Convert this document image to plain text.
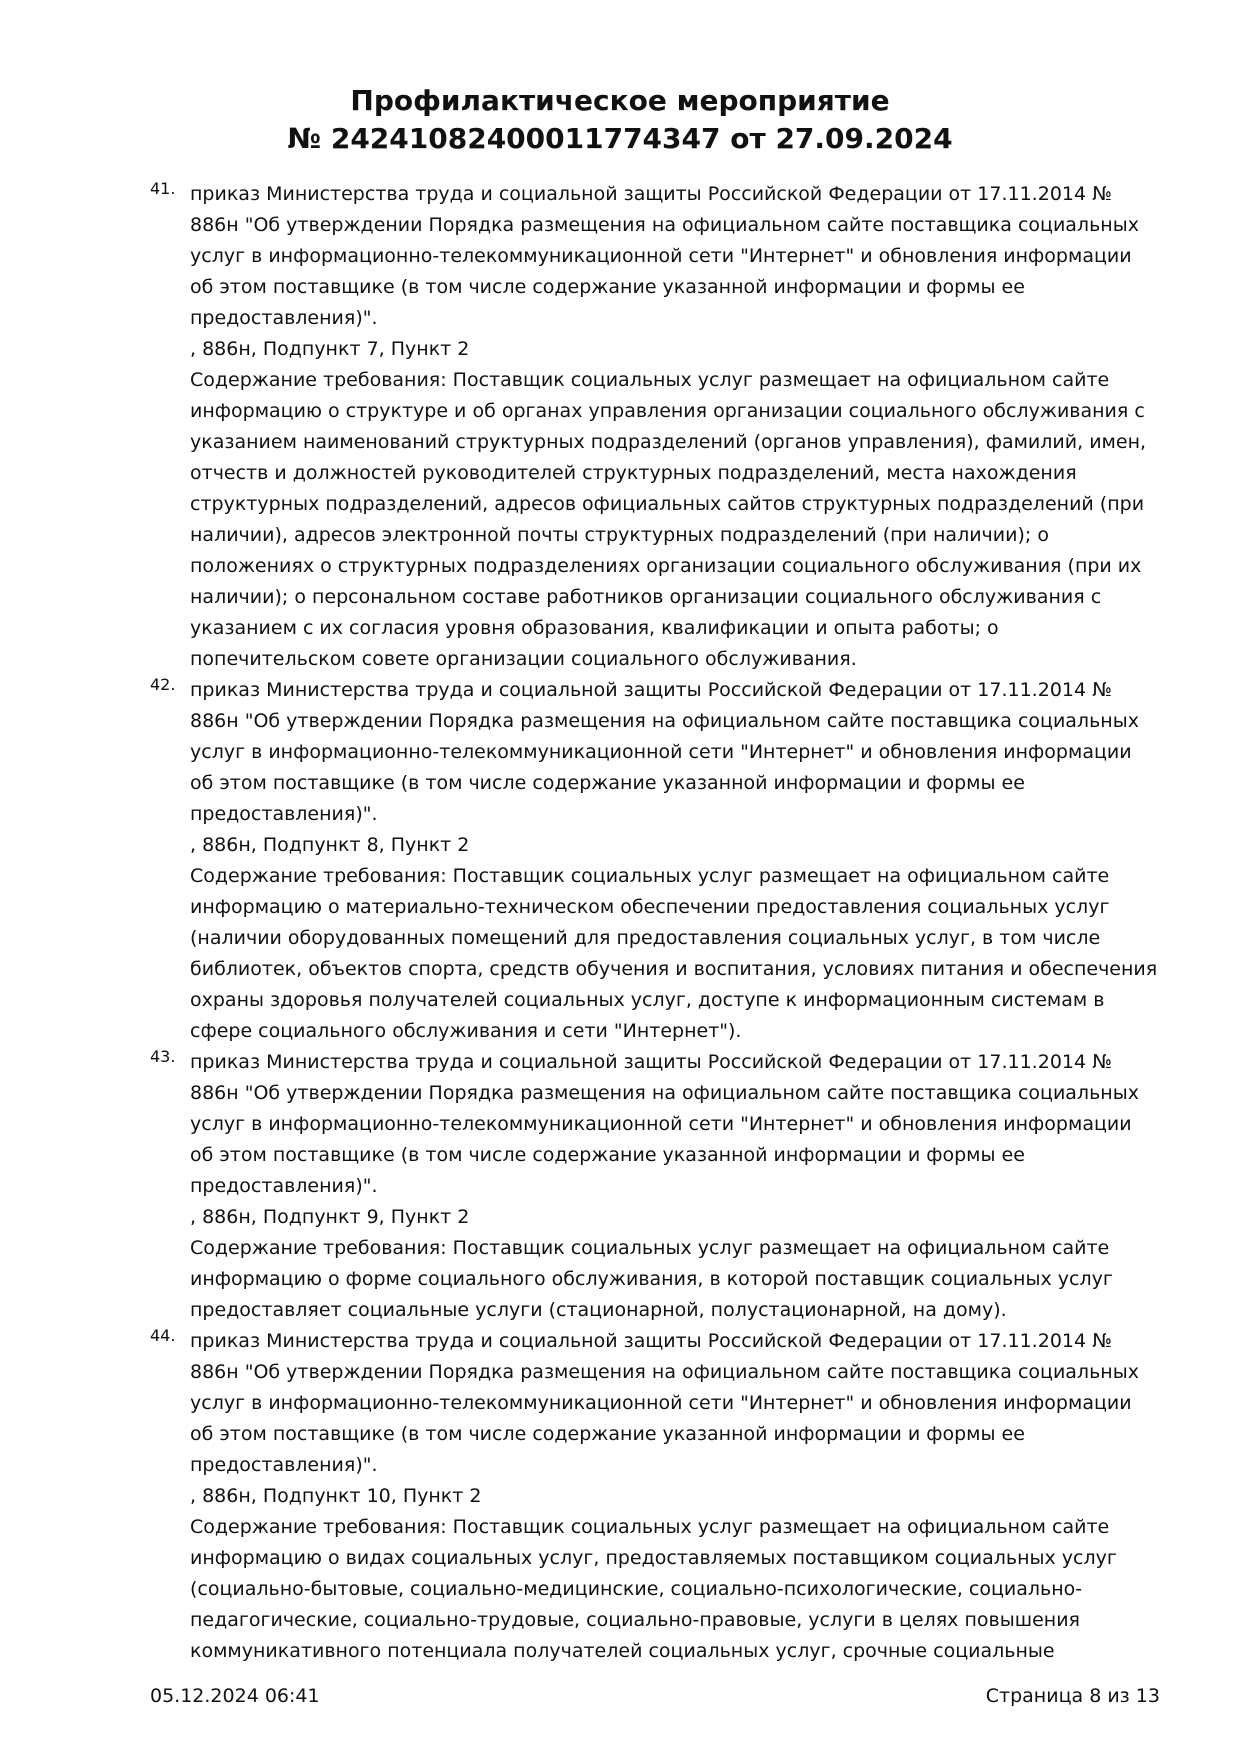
Профилактическое мероприятие
№ 24241082400011774347 от 27.09.2024
41. приказ Министерства труда и социальной защиты Российской Федерации от 17.11.2014 № 886н "Об утверждении Порядка размещения на официальном сайте поставщика социальных услуг в информационно-телекоммуникационной сети "Интернет" и обновления информации об этом поставщике (в том числе содержание указанной информации и формы ее предоставления)".

, 886н, Подпункт 7, Пункт 2

Содержание требования: Поставщик социальных услуг размещает на официальном сайте информацию о структуре и об органах управления организации социального обслуживания с указанием наименований структурных подразделений (органов управления), фамилий, имен, отчеств и должностей руководителей структурных подразделений, места нахождения структурных подразделений, адресов официальных сайтов структурных подразделений (при наличии), адресов электронной почты структурных подразделений (при наличии); о положениях о структурных подразделениях организации социального обслуживания (при их наличии); о персональном составе работников организации социального обслуживания с указанием с их согласия уровня образования, квалификации и опыта работы; о попечительском совете организации социального обслуживания.

42. приказ Министерства труда и социальной защиты Российской Федерации от 17.11.2014 № 886н "Об утверждении Порядка размещения на официальном сайте поставщика социальных услуг в информационно-телекоммуникационной сети "Интернет" и обновления информации об этом поставщике (в том числе содержание указанной информации и формы ее предоставления)".

, 886н, Подпункт 8, Пункт 2

Содержание требования: Поставщик социальных услуг размещает на официальном сайте информацию о материально-техническом обеспечении предоставления социальных услуг (наличии оборудованных помещений для предоставления социальных услуг, в том числе библиотек, объектов спорта, средств обучения и воспитания, условиях питания и обеспечения охраны здоровья получателей социальных услуг, доступе к информационным системам в сфере социального обслуживания и сети "Интернет").

43. приказ Министерства труда и социальной защиты Российской Федерации от 17.11.2014 № 886н "Об утверждении Порядка размещения на официальном сайте поставщика социальных услуг в информационно-телекоммуникационной сети "Интернет" и обновления информации об этом поставщике (в том числе содержание указанной информации и формы ее предоставления)".

, 886н, Подпункт 9, Пункт 2

Содержание требования: Поставщик социальных услуг размещает на официальном сайте информацию о форме социального обслуживания, в которой поставщик социальных услуг предоставляет социальные услуги (стационарной, полустационарной, на дому).

44. приказ Министерства труда и социальной защиты Российской Федерации от 17.11.2014 № 886н "Об утверждении Порядка размещения на официальном сайте поставщика социальных услуг в информационно-телекоммуникационной сети "Интернет" и обновления информации об этом поставщике (в том числе содержание указанной информации и формы ее предоставления)".

, 886н, Подпункт 10, Пункт 2

Содержание требования: Поставщик социальных услуг размещает на официальном сайте информацию о видах социальных услуг, предоставляемых поставщиком социальных услуг (социально-бытовые, социально-медицинские, социально-психологические, социально-педагогические, социально-трудовые, социально-правовые, услуги в целях повышения коммуникативного потенциала получателей социальных услуг, срочные социальные

05.12.2024 06:41	Страница 8 из 13
